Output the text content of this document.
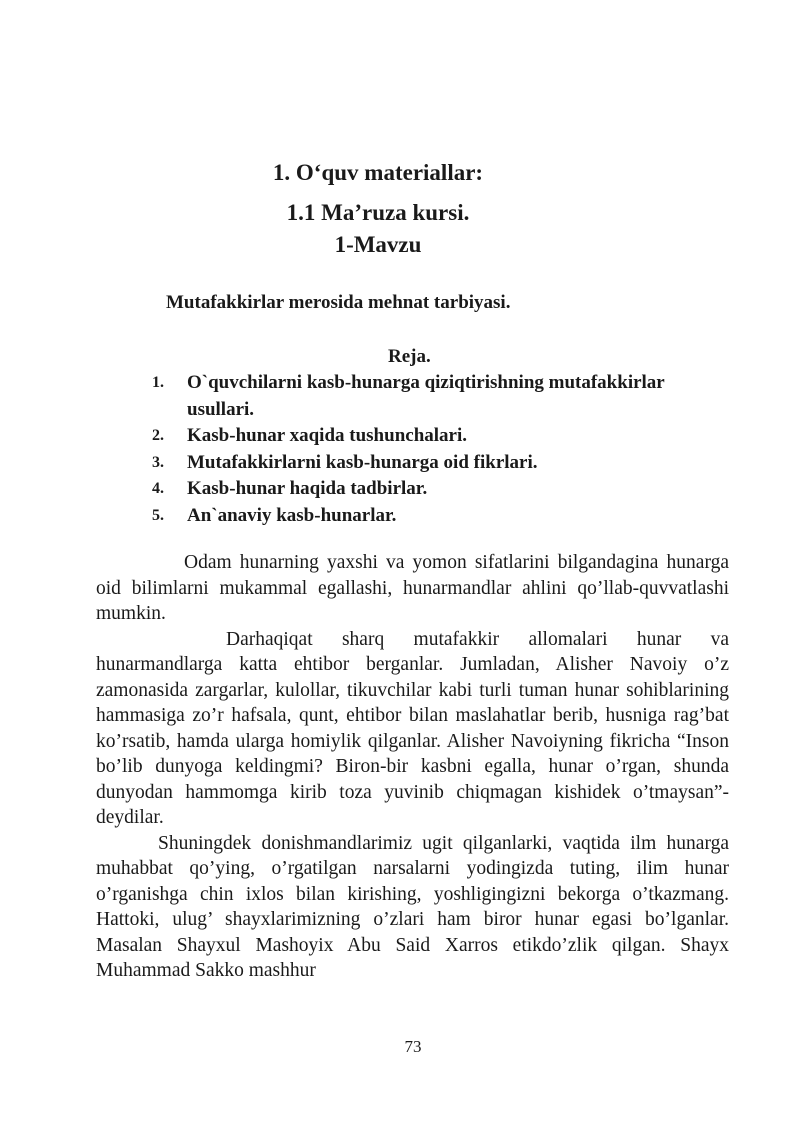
1. O‘quv materiallar:
1.1 Ma’ruza kursi.
1-Mavzu
Mutafakkirlar merosida mehnat tarbiyasi.
Reja.
1.	O`quvchilarni kasb-hunarga qiziqtirishning mutafakkirlar usullari.
2.	Kasb-hunar xaqida tushunchalari.
3.	Mutafakkirlarni kasb-hunarga oid fikrlari.
4.	Kasb-hunar haqida tadbirlar.
5.	An`anaviy kasb-hunarlar.

Odam hunarning yaxshi va yomon sifatlarini bilgandagina hunarga oid bilimlarni mukammal egallashi, hunarmandlar ahlini qo’llab-quvvatlashi mumkin.

Darhaqiqat sharq mutafakkir allomalari hunar va hunarmandlarga katta ehtibor berganlar. Jumladan, Alisher Navoiy o’z zamonasida zargarlar, kulollar, tikuvchilar kabi turli tuman hunar sohiblarining hammasiga zo’r hafsala, qunt, ehtibor bilan maslahatlar berib, husniga rag’bat ko’rsatib, hamda ularga homiylik qilganlar. Alisher Navoiyning fikricha “Inson bo’lib dunyoga keldingmi? Biron-bir kasbni egalla, hunar o’rgan, shunda dunyodan hammomga kirib toza yuvinib chiqmagan kishidek o’tmaysan”- deydilar.

Shuningdek donishmandlarimiz ugit qilganlarki, vaqtida ilm hunarga muhabbat qo’ying, o’rgatilgan narsalarni yodingizda tuting, ilim hunar o’rganishga chin ixlos bilan kirishing, yoshligingizni bekorga o’tkazmang. Hattoki, ulug’ shayxlarimizning o’zlari ham biror hunar egasi bo’lganlar. Masalan Shayxul Mashoyix Abu Said Xarros etikdo’zlik qilgan. Shayx Muhammad Sakko mashhur

73
